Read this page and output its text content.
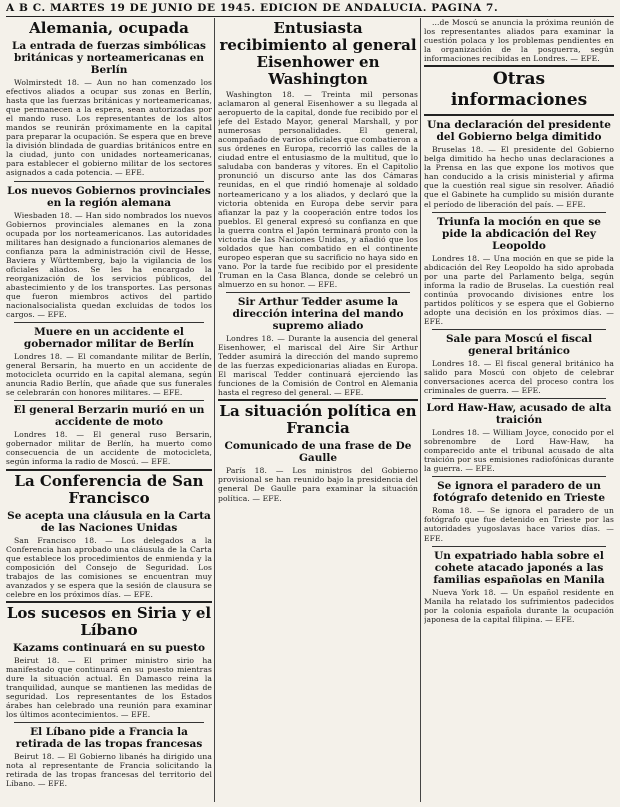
A B C. MARTES 19 DE JUNIO DE 1945. EDICION DE ANDALUCIA. PAGINA 7.
Alemania, ocupada
La entrada de fuerzas simbólicas británicas y norteamericanas en Berlín

Wolmirstedt 18. — Aun no han comenzado los efectivos aliados a ocupar sus zonas en Berlín, hasta que las fuerzas británicas y norteamericanas, que permanecen a la espera, sean autorizadas por el mando ruso. Los representantes de los altos mandos se reunirán próximamente en la capital para preparar la ocupación. Se espera que en breve la división blindada de guardias británicos entre en la ciudad, junto con unidades norteamericanas, para establecer el gobierno militar de los sectores asignados a cada potencia. — EFE.

Los nuevos Gobiernos provinciales en la región alemana

Wiesbaden 18. — Han sido nombrados los nuevos Gobiernos provinciales alemanes en la zona ocupada por los norteamericanos. Las autoridades militares han designado a funcionarios alemanes de confianza para la administración civil de Hesse, Baviera y Württemberg, bajo la vigilancia de los oficiales aliados. Se les ha encargado la reorganización de los servicios públicos, del abastecimiento y de los transportes. Las personas que fueron miembros activos del partido nacionalsocialista quedan excluidas de todos los cargos. — EFE.

Muere en un accidente el gobernador militar de Berlín

Londres 18. — El comandante militar de Berlín, general Bersarin, ha muerto en un accidente de motocicleta ocurrido en la capital alemana, según anuncia Radio Berlín, que añade que sus funerales se celebrarán con honores militares. — EFE.

El general Berzarin murió en un accidente de moto

Londres 18. — El general ruso Bersarin, gobernador militar de Berlín, ha muerto como consecuencia de un accidente de motocicleta, según informa la radio de Moscú. — EFE.

La Conferencia de San Francisco
Se acepta una cláusula en la Carta de las Naciones Unidas

San Francisco 18. — Los delegados a la Conferencia han aprobado una cláusula de la Carta que establece los procedimientos de enmienda y la composición del Consejo de Seguridad. Los trabajos de las comisiones se encuentran muy avanzados y se espera que la sesión de clausura se celebre en los próximos días. — EFE.

Los sucesos en Siria y el Líbano
Kazams continuará en su puesto

Beirut 18. — El primer ministro sirio ha manifestado que continuará en su puesto mientras dure la situación actual. En Damasco reina la tranquilidad, aunque se mantienen las medidas de seguridad. Los representantes de los Estados árabes han celebrado una reunión para examinar los últimos acontecimientos. — EFE.

El Líbano pide a Francia la retirada de las tropas francesas

Beirut 18. — El Gobierno libanés ha dirigido una nota al representante de Francia solicitando la retirada de las tropas francesas del territorio del Líbano. — EFE.

Entusiasta recibimiento al general Eisenhower en Washington

Washington 18. — Treinta mil personas aclamaron al general Eisenhower a su llegada al aeropuerto de la capital, donde fue recibido por el jefe del Estado Mayor, general Marshall, y por numerosas personalidades. El general, acompañado de varios oficiales que combatieron a sus órdenes en Europa, recorrió las calles de la ciudad entre el entusiasmo de la multitud, que lo saludaba con banderas y vítores. En el Capitolio pronunció un discurso ante las dos Cámaras reunidas, en el que rindió homenaje al soldado norteamericano y a los aliados, y declaró que la victoria obtenida en Europa debe servir para afianzar la paz y la cooperación entre todos los pueblos. El general expresó su confianza en que la guerra contra el Japón terminará pronto con la victoria de las Naciones Unidas, y añadió que los soldados que han combatido en el continente europeo esperan que su sacrificio no haya sido en vano. Por la tarde fue recibido por el presidente Truman en la Casa Blanca, donde se celebró un almuerzo en su honor. — EFE.

Sir Arthur Tedder asume la dirección interina del mando supremo aliado

Londres 18. — Durante la ausencia del general Eisenhower, el mariscal del Aire Sir Arthur Tedder asumirá la dirección del mando supremo de las fuerzas expedicionarias aliadas en Europa. El mariscal Tedder continuará ejerciendo las funciones de la Comisión de Control en Alemania hasta el regreso del general. — EFE.

La situación política en Francia
Comunicado de una frase de De Gaulle

París 18. — Los ministros del Gobierno provisional se han reunido bajo la presidencia del general De Gaulle para examinar la situación política. — EFE.

...de Moscú se anuncia la próxima reunión de los representantes aliados para examinar la cuestión polaca y los problemas pendientes en la organización de la posguerra, según informaciones recibidas en Londres. — EFE.

Otras informaciones
Una declaración del presidente del Gobierno belga dimitido

Bruselas 18. — El presidente del Gobierno belga dimitido ha hecho unas declaraciones a la Prensa en las que expone los motivos que han conducido a la crisis ministerial y afirma que la cuestión real sigue sin resolver. Añadió que el Gabinete ha cumplido su misión durante el período de liberación del país. — EFE.

Triunfa la moción en que se pide la abdicación del Rey Leopoldo

Londres 18. — Una moción en que se pide la abdicación del Rey Leopoldo ha sido aprobada por una parte del Parlamento belga, según informa la radio de Bruselas. La cuestión real continúa provocando divisiones entre los partidos políticos y se espera que el Gobierno adopte una decisión en los próximos días. — EFE.

Sale para Moscú el fiscal general británico

Londres 18. — El fiscal general británico ha salido para Moscú con objeto de celebrar conversaciones acerca del proceso contra los criminales de guerra. — EFE.

Lord Haw-Haw, acusado de alta traición

Londres 18. — William Joyce, conocido por el sobrenombre de Lord Haw-Haw, ha comparecido ante el tribunal acusado de alta traición por sus emisiones radiofónicas durante la guerra. — EFE.

Se ignora el paradero de un fotógrafo detenido en Trieste

Roma 18. — Se ignora el paradero de un fotógrafo que fue detenido en Trieste por las autoridades yugoslavas hace varios días. — EFE.

Un expatriado habla sobre el cohete atacado japonés a las familias españolas en Manila

Nueva York 18. — Un español residente en Manila ha relatado los sufrimientos padecidos por la colonia española durante la ocupación japonesa de la capital filipina. — EFE.
